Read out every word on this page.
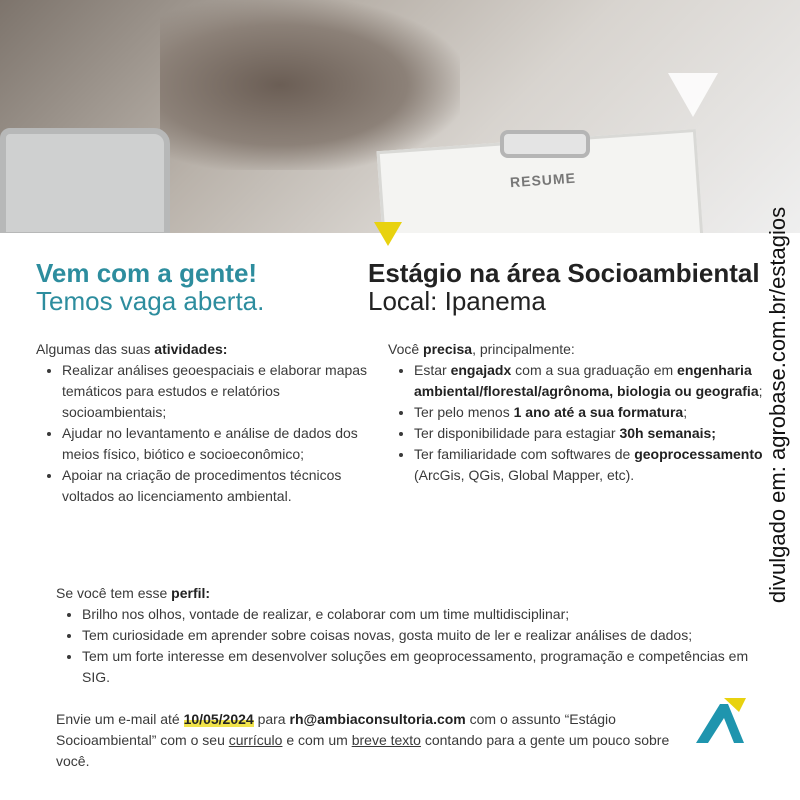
RESUME
Vem com a gente!
Temos vaga aberta.
Estágio na área Socioambiental
Local: Ipanema

Algumas das suas atividades:

• Realizar análises geoespaciais e elaborar mapas temáticos para estudos e relatórios socioambientais;
• Ajudar no levantamento e análise de dados dos meios físico, biótico e socioeconômico;
• Apoiar na criação de procedimentos técnicos voltados ao licenciamento ambiental.

Você precisa, principalmente:

• Estar engajadx com a sua graduação em engenharia ambiental/florestal/agrônoma, biologia ou geografia;
• Ter pelo menos 1 ano até a sua formatura;
• Ter disponibilidade para estagiar 30h semanais;
• Ter familiaridade com softwares de geoprocessamento (ArcGis, QGis, Global Mapper, etc).

Se você tem esse perfil:

• Brilho nos olhos, vontade de realizar, e colaborar com um time multidisciplinar;
• Tem curiosidade em aprender sobre coisas novas, gosta muito de ler e realizar análises de dados;
• Tem um forte interesse em desenvolver soluções em geoprocessamento, programação e competências em SIG.
Envie um e-mail até 10/05/2024 para rh@ambiaconsultoria.com com o assunto “Estágio Socioambiental” com o seu currículo e com um breve texto contando para a gente um pouco sobre você.
divulgado em: agrobase.com.br/estagios
